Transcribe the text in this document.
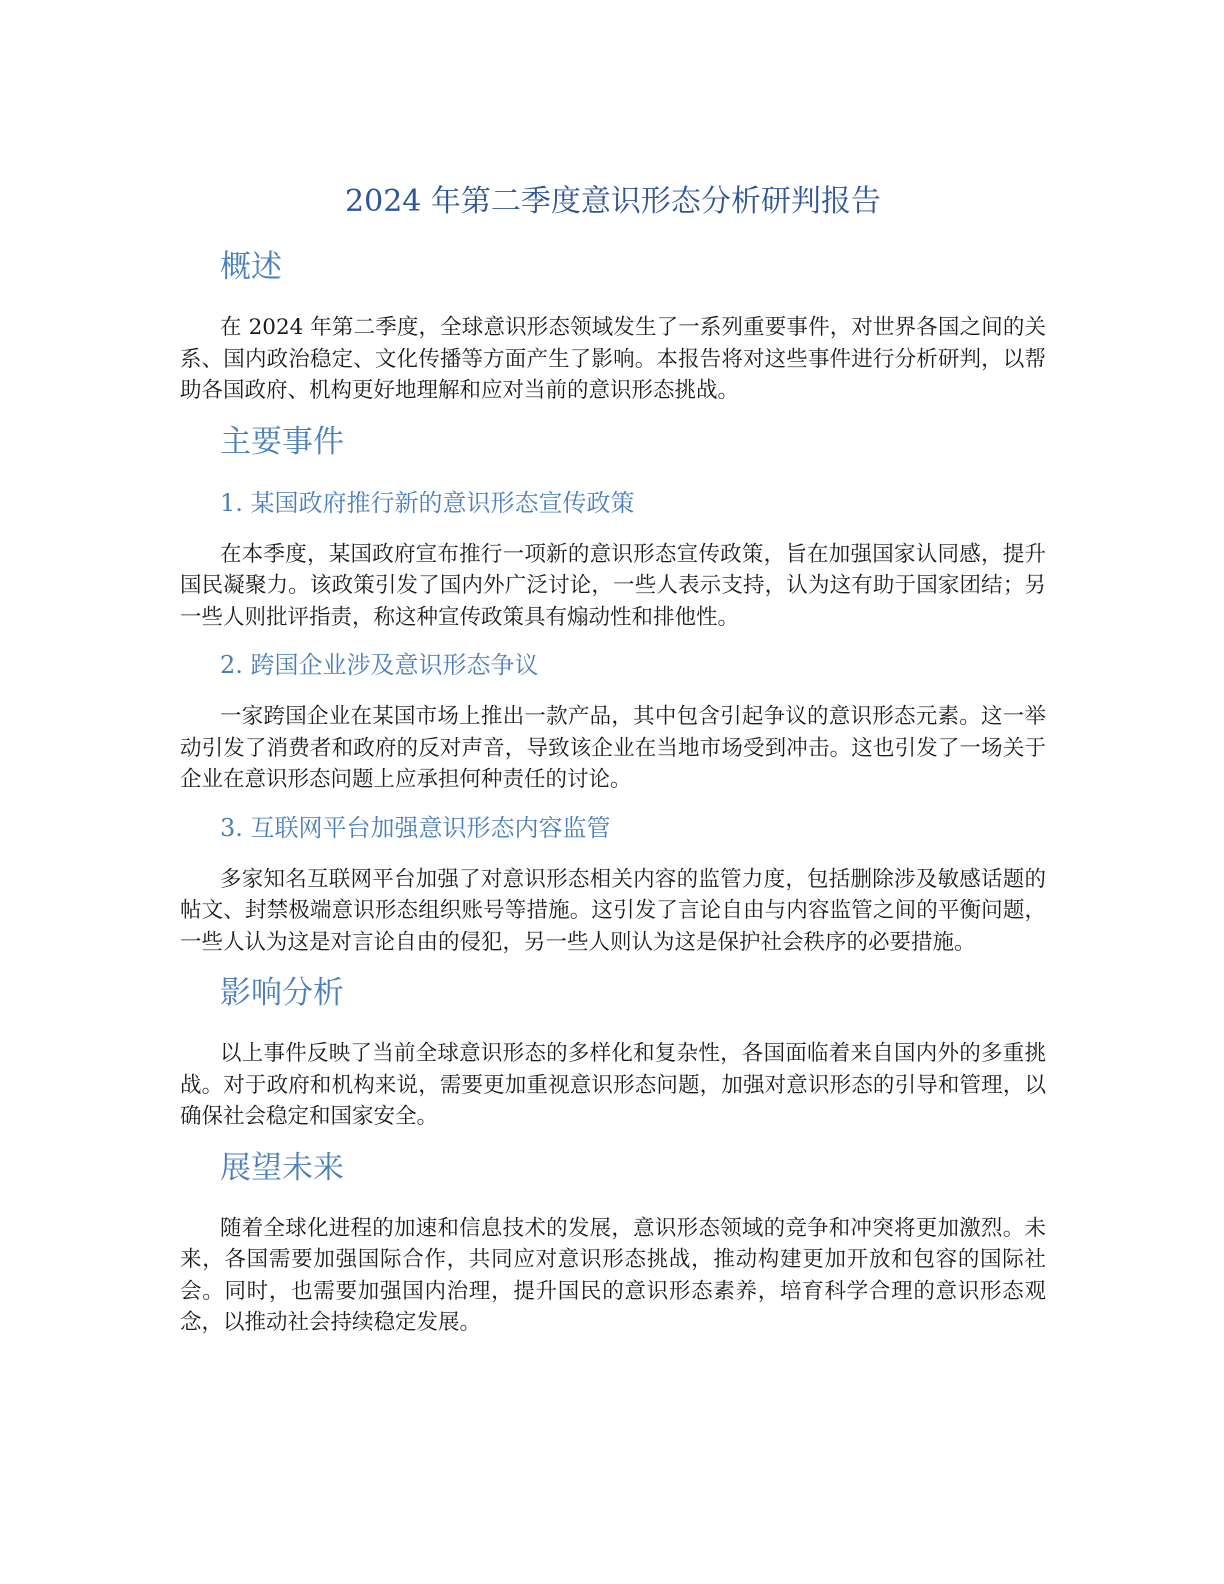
2024 年第二季度意识形态分析研判报告
概述

在 2024 年第二季度，全球意识形态领域发生了一系列重要事件，对世界各国之间的关系、国内政治稳定、文化传播等方面产生了影响。本报告将对这些事件进行分析研判，以帮助各国政府、机构更好地理解和应对当前的意识形态挑战。

主要事件
1. 某国政府推行新的意识形态宣传政策

在本季度，某国政府宣布推行一项新的意识形态宣传政策，旨在加强国家认同感，提升国民凝聚力。该政策引发了国内外广泛讨论，一些人表示支持，认为这有助于国家团结；另一些人则批评指责，称这种宣传政策具有煽动性和排他性。

2. 跨国企业涉及意识形态争议

一家跨国企业在某国市场上推出一款产品，其中包含引起争议的意识形态元素。这一举动引发了消费者和政府的反对声音，导致该企业在当地市场受到冲击。这也引发了一场关于企业在意识形态问题上应承担何种责任的讨论。

3. 互联网平台加强意识形态内容监管

多家知名互联网平台加强了对意识形态相关内容的监管力度，包括删除涉及敏感话题的帖文、封禁极端意识形态组织账号等措施。这引发了言论自由与内容监管之间的平衡问题，一些人认为这是对言论自由的侵犯，另一些人则认为这是保护社会秩序的必要措施。

影响分析

以上事件反映了当前全球意识形态的多样化和复杂性，各国面临着来自国内外的多重挑战。对于政府和机构来说，需要更加重视意识形态问题，加强对意识形态的引导和管理，以确保社会稳定和国家安全。

展望未来

随着全球化进程的加速和信息技术的发展，意识形态领域的竞争和冲突将更加激烈。未来，各国需要加强国际合作，共同应对意识形态挑战，推动构建更加开放和包容的国际社会。同时，也需要加强国内治理，提升国民的意识形态素养，培育科学合理的意识形态观念，以推动社会持续稳定发展。
